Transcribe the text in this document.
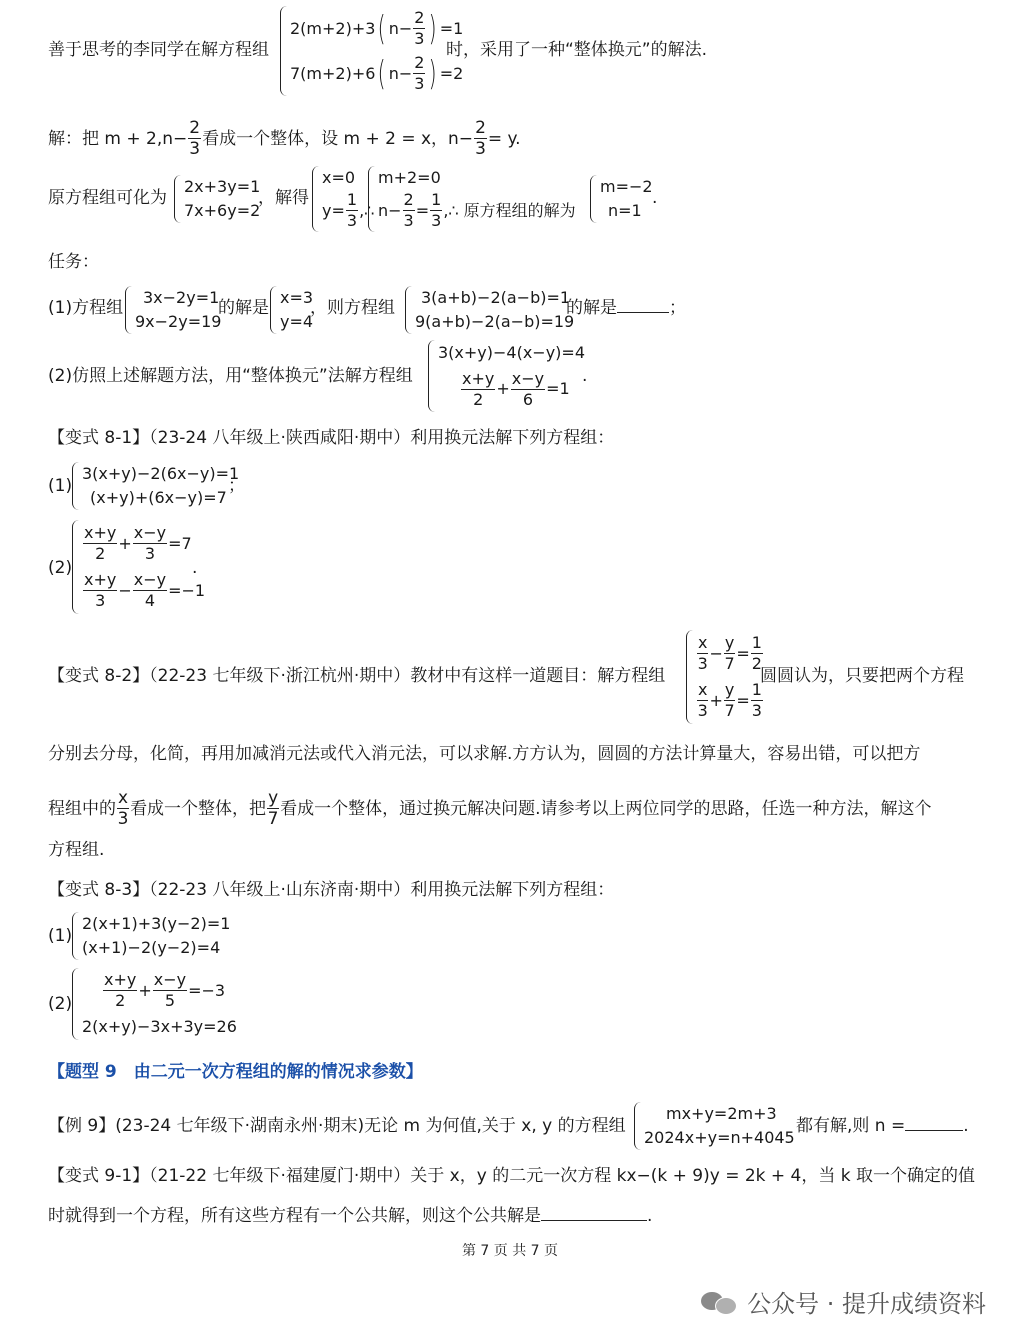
善于思考的李同学在解方程组
2(m+2)+3 ( $n- \frac{2}{3}$ ) =1
7(m+2)+6 ( $n- \frac{2}{3}$ ) =2
时，采用了一种“整体换元”的解法.
解：把 $m + 2,n- \frac{2}{3}$ 看成一个整体，设 m + 2 = x，$n- \frac{2}{3} = y$.
原方程组可化为
2x+3y=1
7x+6y=2
，解得
x=0
$y= \frac{1}{3}$ ,∴
m+2=0
$n- \frac{2}{3} = \frac{1}{3}$ ,∴ 原方程组的解为
m=−2
n=1
.
任务：
(1)方程组
3x−2y=1
9x−2y=19
的解是
x=3
y=4
，则方程组
3(a+b)−2(a−b)=1
9(a+b)−2(a−b)=19
的解是	；
(2)仿照上述解题方法，用“整体换元”法解方程组
3(x+y)−4(x−y)=4
$\frac{x+y}{2} + \frac{x-y}{6} =1$
.
【变式 8-1】（23-24 八年级上·陕西咸阳·期中）利用换元法解下列方程组：
(1)
3(x+y)−2(6x−y)=1
(x+y)+(6x−y)=7
；
(2)
$\frac{x+y}{2} + \frac{x-y}{3} =7$
$\frac{x+y}{3} - \frac{x-y}{4} =-1$
.
【变式 8-2】（22-23 七年级下·浙江杭州·期中）教材中有这样一道题目：解方程组
$\frac{x}{3} - \frac{y}{7} = \frac{1}{2}$
$\frac{x}{3} + \frac{y}{7} = \frac{1}{3}$
圆圆认为，只要把两个方程
分别去分母，化简，再用加减消元法或代入消元法，可以求解.方方认为，圆圆的方法计算量大，容易出错，可以把方
程组中的 $\frac{x}{3}$ 看成一个整体，把 $\frac{y}{7}$ 看成一个整体，通过换元解决问题.请参考以上两位同学的思路，任选一种方法，解这个
方程组.
【变式 8-3】（22-23 八年级上·山东济南·期中）利用换元法解下列方程组：
(1)
2(x+1)+3(y−2)=1
(x+1)−2(y−2)=4
$(2) \frac{x+y}{2} + \frac{x-y}{5} =-3$
2(x+y)−3x+3y=26
【题型 9　由二元一次方程组的解的情况求参数】
【例 9】(23-24 七年级下·湖南永州·期末)无论 m 为何值,关于 x, y 的方程组
mx+y=2m+3
2024x+y=n+4045
都有解,则 n =	.
【变式 9-1】（21-22 七年级下·福建厦门·期中）关于 x，y 的二元一次方程 kx−(k + 9)y = 2k + 4，当 k 取一个确定的值
时就得到一个方程，所有这些方程有一个公共解，则这个公共解是	.
第 7 页 共 7 页
公众号 · 提升成绩资料
